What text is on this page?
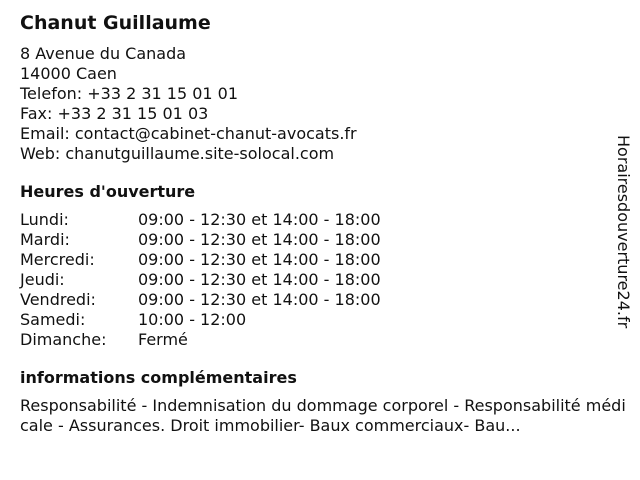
Chanut Guillaume
8 Avenue du Canada
14000 Caen
Telefon: +33 2 31 15 01 01
Fax: +33 2 31 15 01 03
Email: contact@cabinet-chanut-avocats.fr
Web: chanutguillaume.site-solocal.com
Heures d'ouverture
Lundi:	09:00 - 12:30 et 14:00 - 18:00
Mardi:	09:00 - 12:30 et 14:00 - 18:00
Mercredi:	09:00 - 12:30 et 14:00 - 18:00
Jeudi:	09:00 - 12:30 et 14:00 - 18:00
Vendredi:	09:00 - 12:30 et 14:00 - 18:00
Samedi:	10:00 - 12:00
Dimanche:	Fermé
informations complémentaires
Responsabilité - Indemnisation du dommage corporel - Responsabilité médicale - Assurances. Droit immobilier- Baux commerciaux- Bau...
Horairesdouverture24.fr
